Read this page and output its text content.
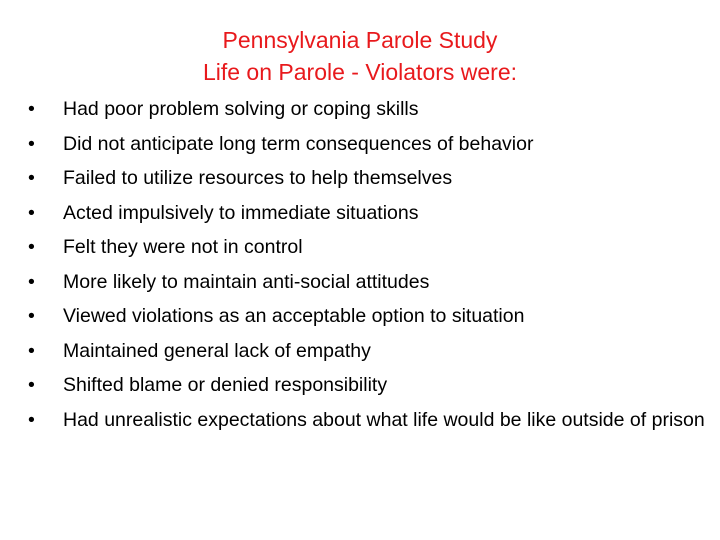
Pennsylvania Parole Study
Life on Parole - Violators were:
• Had poor problem solving or coping skills
• Did not anticipate long term consequences of behavior
• Failed to utilize resources to help themselves
• Acted impulsively to immediate situations
• Felt they were not in control
• More likely to maintain anti-social attitudes
• Viewed violations as an acceptable option to situation
• Maintained general lack of empathy
• Shifted blame or denied responsibility
• Had unrealistic expectations about what life would be like outside of prison
